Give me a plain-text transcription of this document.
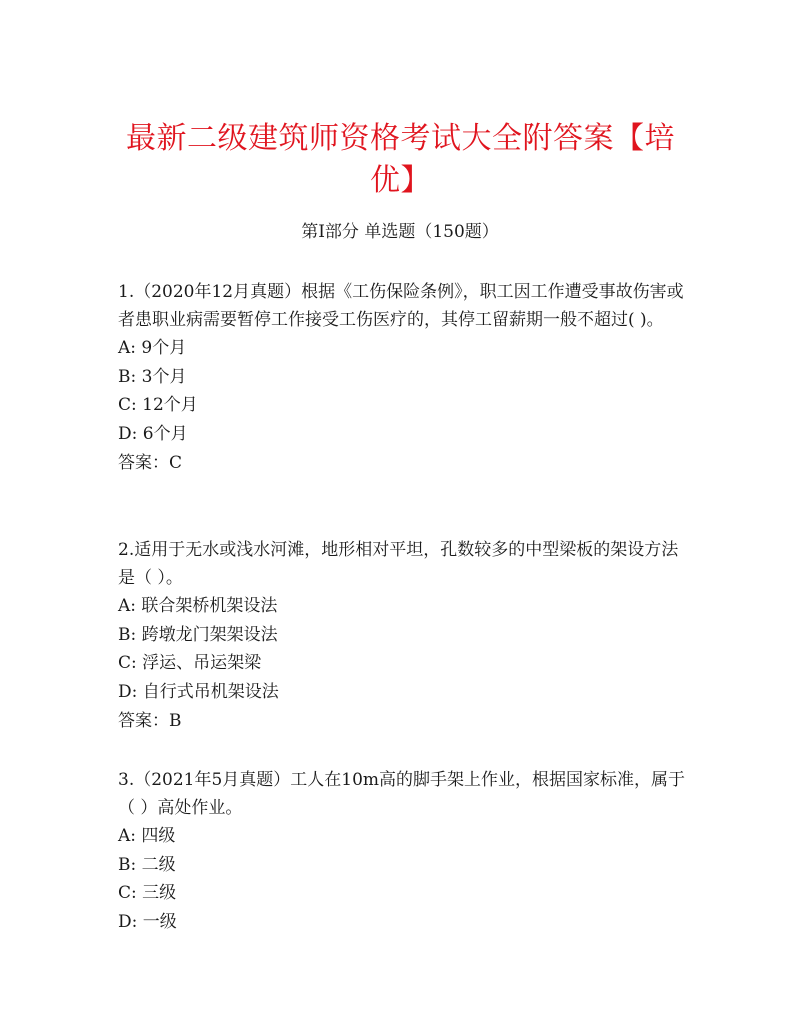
最新二级建筑师资格考试大全附答案【培优】
第I部分 单选题（150题）

1.（2020年12月真题）根据《工伤保险条例》，职工因工作遭受事故伤害或者患职业病需要暂停工作接受工伤医疗的，其停工留薪期一般不超过( )。

A: 9个月
B: 3个月
C: 12个月
D: 6个月
答案：C

2.适用于无水或浅水河滩，地形相对平坦，孔数较多的中型梁板的架设方法是（ ）。

A: 联合架桥机架设法
B: 跨墩龙门架架设法
C: 浮运、吊运架梁
D: 自行式吊机架设法
答案：B

3.（2021年5月真题）工人在10m高的脚手架上作业，根据国家标准，属于（ ）高处作业。

A: 四级
B: 二级
C: 三级
D: 一级
